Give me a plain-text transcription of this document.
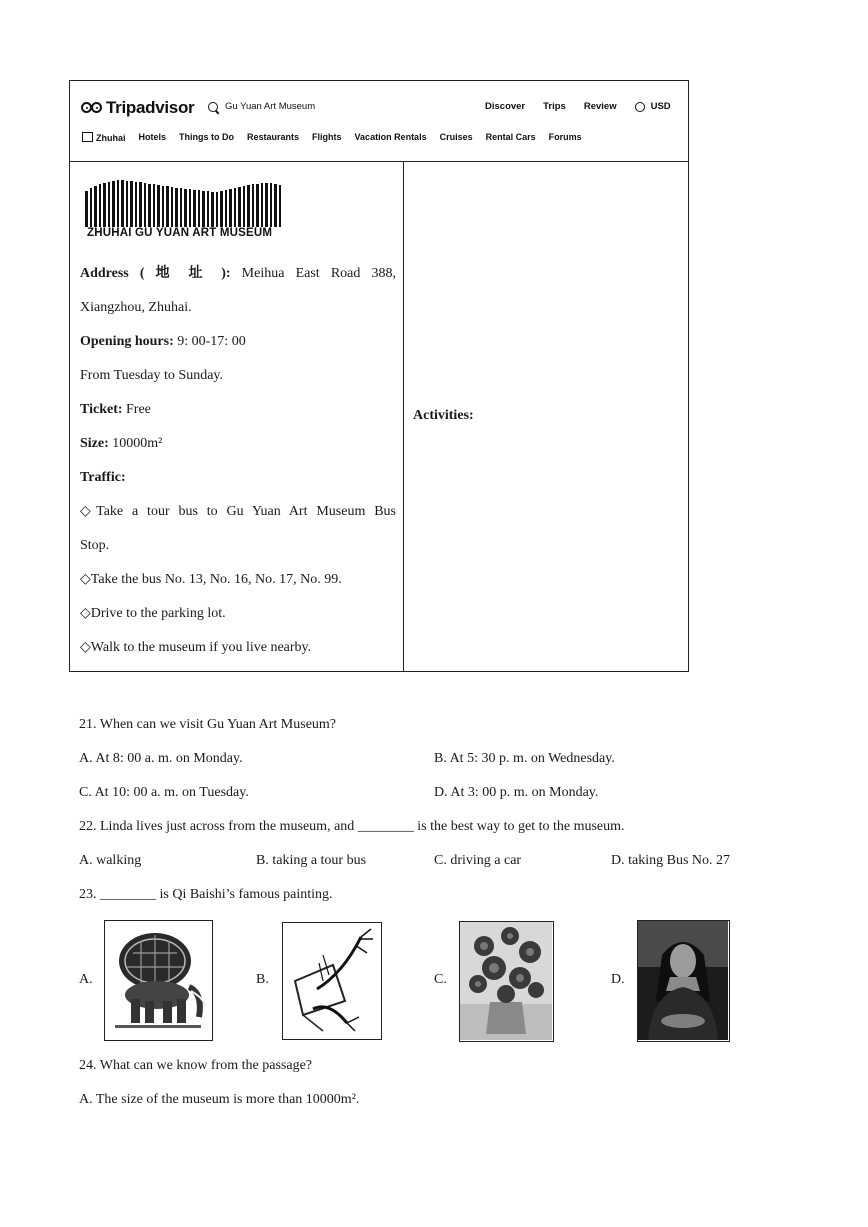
Tripadvisor	Gu Yuan Art Museum	Discover Trips Review	USD
Zhuhai Hotels Things to Do Restaurants Flights Vacation Rentals Cruises Rental Cars Forums
ZHUHAI GU YUAN ART MUSEUM

Address ( 地 址 ): Meihua East Road 388,

Xiangzhou, Zhuhai.

Opening hours: 9: 00-17: 00

From Tuesday to Sunday.

Ticket: Free

Size: 10000m²

Traffic:

◇Take a tour bus to Gu Yuan Art Museum Bus

Stop.

◇Take the bus No. 13, No. 16, No. 17, No. 99.

◇Drive to the parking lot.

◇Walk to the museum if you live nearby.

Activities:
21. When can we visit Gu Yuan Art Museum?
A. At 8: 00 a. m. on Monday.	B. At 5: 30 p. m. on Wednesday.
C. At 10: 00 a. m. on Tuesday.	D. At 3: 00 p. m. on Monday.
22. Linda lives just across from the museum, and ________ is the best way to get to the museum.
A. walking	B. taking a tour bus	C. driving a car	D. taking Bus No. 27
23. ________ is Qi Baishi’s famous painting.
A.	B.	C.	D.
24. What can we know from the passage?
A. The size of the museum is more than 10000m².
